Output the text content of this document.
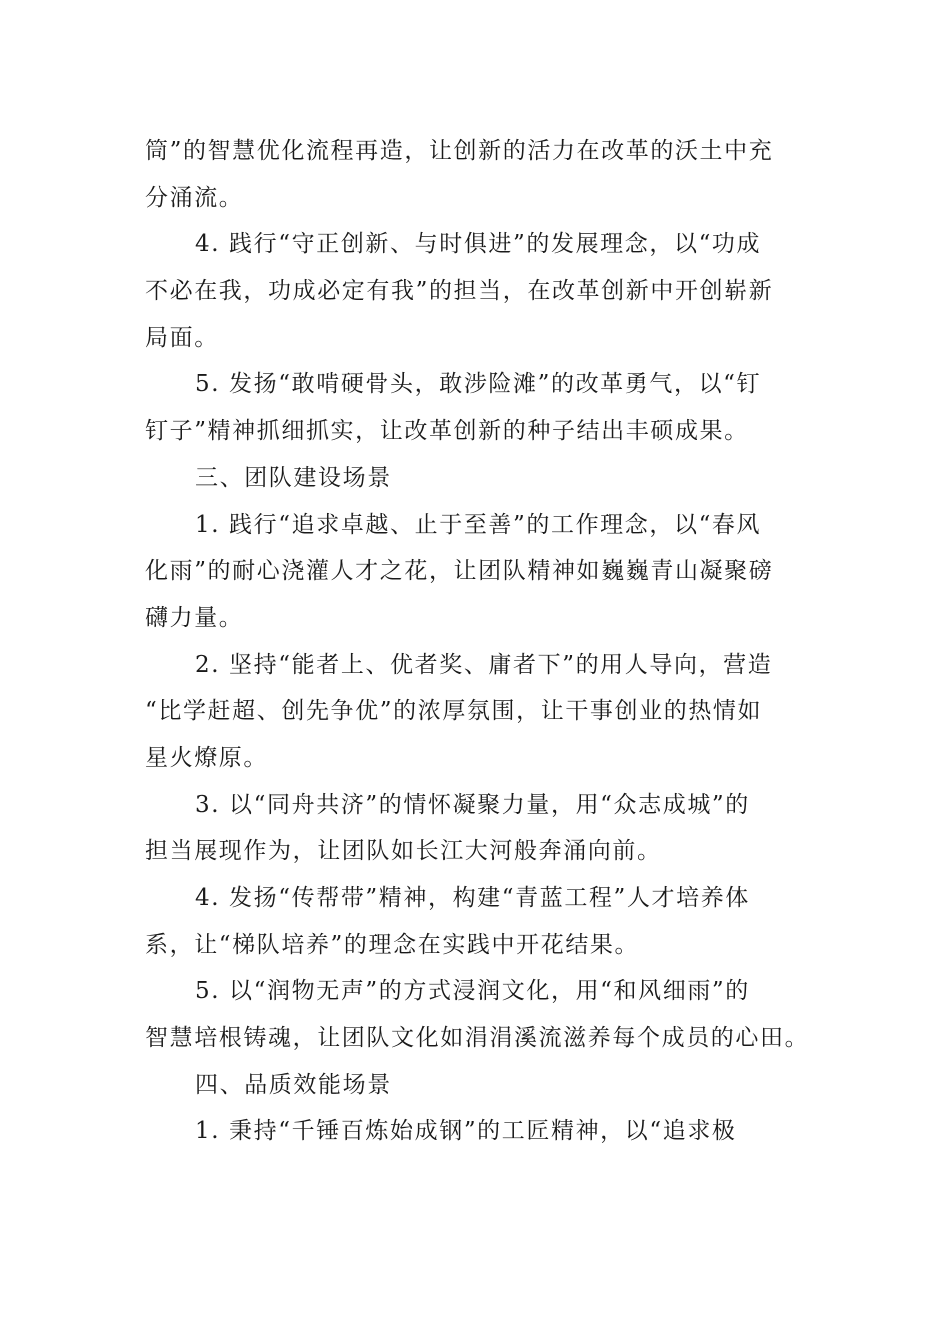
筒”的智慧优化流程再造，让创新的活力在改革的沃土中充
分涌流。
4. 践行“守正创新、与时俱进”的发展理念，以“功成
不必在我，功成必定有我”的担当，在改革创新中开创崭新
局面。
5. 发扬“敢啃硬骨头，敢涉险滩”的改革勇气，以“钉
钉子”精神抓细抓实，让改革创新的种子结出丰硕成果。
三、团队建设场景
1. 践行“追求卓越、止于至善”的工作理念，以“春风
化雨”的耐心浇灌人才之花，让团队精神如巍巍青山凝聚磅
礴力量。
2. 坚持“能者上、优者奖、庸者下”的用人导向，营造
“比学赶超、创先争优”的浓厚氛围，让干事创业的热情如
星火燎原。
3. 以“同舟共济”的情怀凝聚力量，用“众志成城”的
担当展现作为，让团队如长江大河般奔涌向前。
4. 发扬“传帮带”精神，构建“青蓝工程”人才培养体
系，让“梯队培养”的理念在实践中开花结果。
5. 以“润物无声”的方式浸润文化，用“和风细雨”的
智慧培根铸魂，让团队文化如涓涓溪流滋养每个成员的心田。
四、品质效能场景
1. 秉持“千锤百炼始成钢”的工匠精神，以“追求极
